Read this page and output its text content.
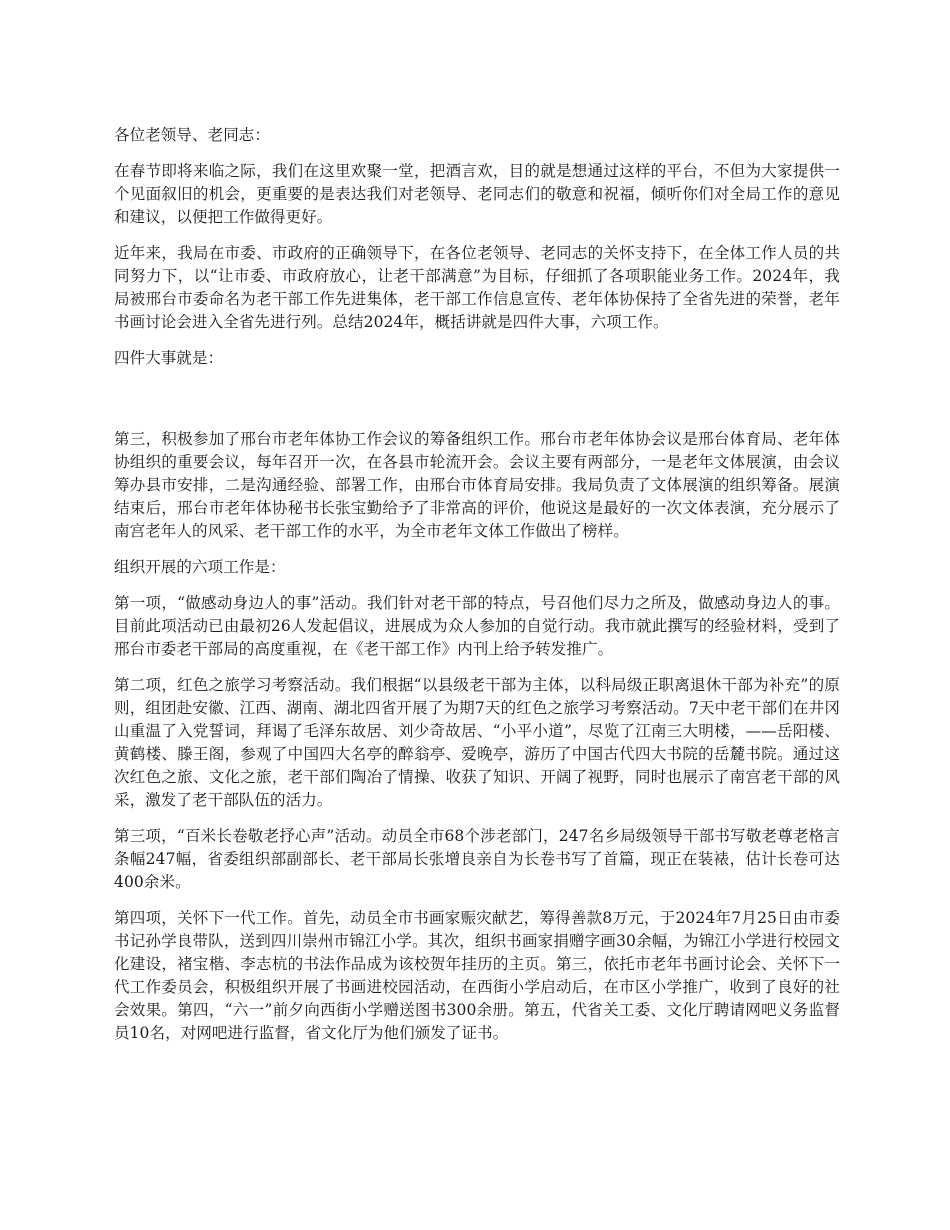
各位老领导、老同志：

在春节即将来临之际，我们在这里欢聚一堂，把酒言欢，目的就是想通过这样的平台，不但为大家提供一个见面叙旧的机会，更重要的是表达我们对老领导、老同志们的敬意和祝福，倾听你们对全局工作的意见和建议，以便把工作做得更好。

近年来，我局在市委、市政府的正确领导下，在各位老领导、老同志的关怀支持下，在全体工作人员的共同努力下，以“让市委、市政府放心，让老干部满意”为目标，仔细抓了各项职能业务工作。2024年，我局被邢台市委命名为老干部工作先进集体，老干部工作信息宣传、老年体协保持了全省先进的荣誉，老年书画讨论会进入全省先进行列。总结2024年，概括讲就是四件大事，六项工作。

四件大事就是：

第三，积极参加了邢台市老年体协工作会议的筹备组织工作。邢台市老年体协会议是邢台体育局、老年体协组织的重要会议，每年召开一次，在各县市轮流开会。会议主要有两部分，一是老年文体展演，由会议筹办县市安排，二是沟通经验、部署工作，由邢台市体育局安排。我局负责了文体展演的组织筹备。展演结束后，邢台市老年体协秘书长张宝勤给予了非常高的评价，他说这是最好的一次文体表演，充分展示了南宫老年人的风采、老干部工作的水平，为全市老年文体工作做出了榜样。

组织开展的六项工作是：

第一项，“做感动身边人的事”活动。我们针对老干部的特点，号召他们尽力之所及，做感动身边人的事。目前此项活动已由最初26人发起倡议，进展成为众人参加的自觉行动。我市就此撰写的经验材料，受到了邢台市委老干部局的高度重视，在《老干部工作》内刊上给予转发推广。

第二项，红色之旅学习考察活动。我们根据“以县级老干部为主体，以科局级正职离退休干部为补充”的原则，组团赴安徽、江西、湖南、湖北四省开展了为期7天的红色之旅学习考察活动。7天中老干部们在井冈山重温了入党誓词，拜谒了毛泽东故居、刘少奇故居、“小平小道”，尽览了江南三大明楼，——岳阳楼、黄鹤楼、滕王阁，参观了中国四大名亭的醉翁亭、爱晚亭，游历了中国古代四大书院的岳麓书院。通过这次红色之旅、文化之旅，老干部们陶冶了情操、收获了知识、开阔了视野，同时也展示了南宫老干部的风采，激发了老干部队伍的活力。

第三项，“百米长卷敬老抒心声”活动。动员全市68个涉老部门，247名乡局级领导干部书写敬老尊老格言条幅247幅，省委组织部副部长、老干部局长张增良亲自为长卷书写了首篇，现正在装裱，估计长卷可达400余米。

第四项，关怀下一代工作。首先，动员全市书画家赈灾献艺，筹得善款8万元，于2024年7月25日由市委书记孙学良带队，送到四川崇州市锦江小学。其次，组织书画家捐赠字画30余幅，为锦江小学进行校园文化建设，褚宝楷、李志杭的书法作品成为该校贺年挂历的主页。第三，依托市老年书画讨论会、关怀下一代工作委员会，积极组织开展了书画进校园活动，在西街小学启动后，在市区小学推广，收到了良好的社会效果。第四，“六一”前夕向西街小学赠送图书300余册。第五，代省关工委、文化厅聘请网吧义务监督员10名，对网吧进行监督，省文化厅为他们颁发了证书。
